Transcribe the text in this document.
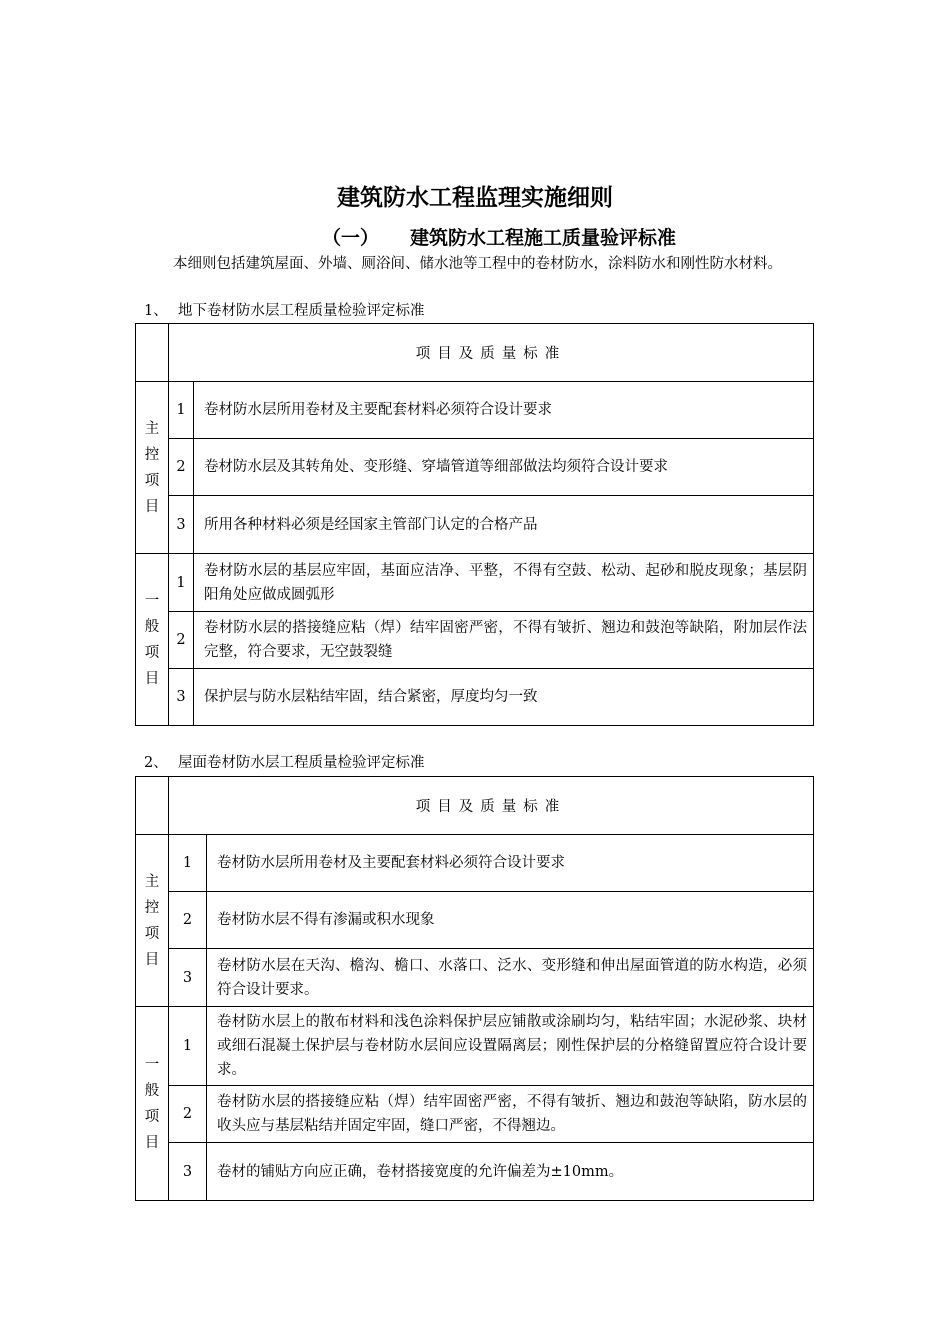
建筑防水工程监理实施细则
（一） 建筑防水工程施工质量验评标准
本细则包括建筑屋面、外墙、厕浴间、储水池等工程中的卷材防水，涂料防水和刚性防水材料。
1、 地下卷材防水层工程质量检验评定标准
	项目及质量标准	

主
控
项
目	1	卷材防水层所用卷材及主要配套材料必须符合设计要求
	2	卷材防水层及其转角处、变形缝、穿墙管道等细部做法均须符合设计要求
	3	所用各种材料必须是经国家主管部门认定的合格产品

一
般
项
目	1	卷材防水层的基层应牢固，基面应洁净、平整，不得有空鼓、松动、起砂和脱皮现象；基层阴阳角处应做成圆弧形
	2	卷材防水层的搭接缝应粘（焊）结牢固密严密，不得有皱折、翘边和鼓泡等缺陷，附加层作法完整，符合要求，无空鼓裂缝
	3	保护层与防水层粘结牢固，结合紧密，厚度均匀一致
2、 屋面卷材防水层工程质量检验评定标准
	项目及质量标准	

主
控
项
目	1	卷材防水层所用卷材及主要配套材料必须符合设计要求
	2	卷材防水层不得有渗漏或积水现象
	3	卷材防水层在天沟、檐沟、檐口、水落口、泛水、变形缝和伸出屋面管道的防水构造，必须符合设计要求。

一
般
项
目	1	卷材防水层上的散布材料和浅色涂料保护层应铺散或涂刷均匀，粘结牢固；水泥砂浆、块材或细石混凝土保护层与卷材防水层间应设置隔离层；刚性保护层的分格缝留置应符合设计要求。
	2	卷材防水层的搭接缝应粘（焊）结牢固密严密，不得有皱折、翘边和鼓泡等缺陷，防水层的收头应与基层粘结并固定牢固，缝口严密，不得翘边。
	3	卷材的铺贴方向应正确，卷材搭接宽度的允许偏差为±10mm。
